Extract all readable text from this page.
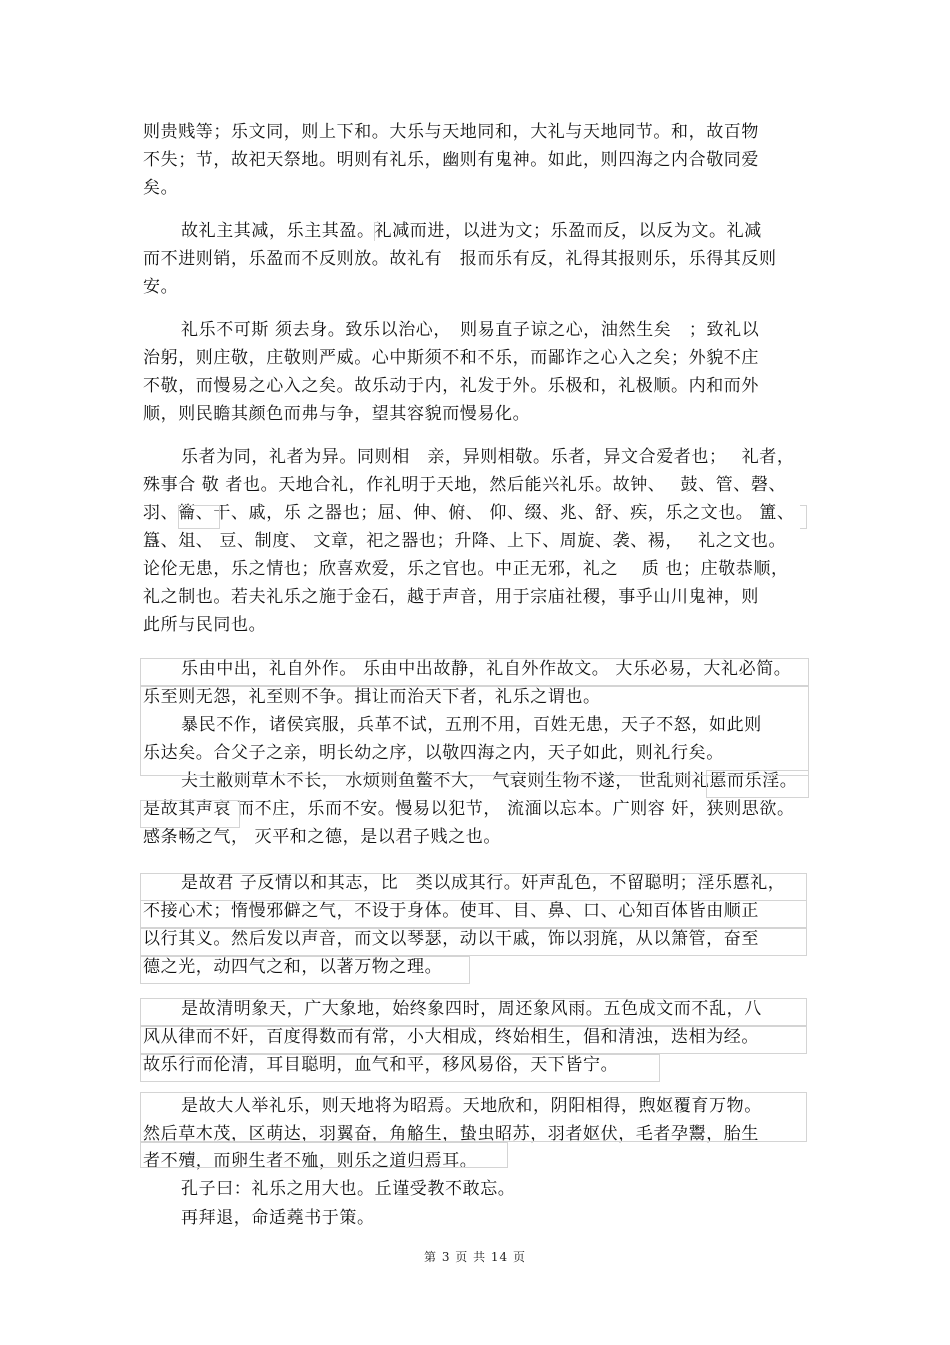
则贵贱等；乐文同，则上下和。大乐与天地同和，大礼与天地同节。和，故百物
不失；节，故祀天祭地。明则有礼乐，幽则有鬼神。如此，则四海之内合敬同爱
矣。
故礼主其减，乐主其盈。礼减而进，以进为文；乐盈而反，以反为文。礼减
而不进则销，乐盈而不反则放。故礼有　报而乐有反，礼得其报则乐，乐得其反则
安。
礼乐不可斯 须去身。致乐以治心，　则易直子谅之心，油然生矣　；致礼以
治躬，则庄敬，庄敬则严威。心中斯须不和不乐，而鄙诈之心入之矣；外貌不庄
不敬，而慢易之心入之矣。故乐动于内，礼发于外。乐极和，礼极顺。内和而外
顺，则民瞻其颜色而弗与争，望其容貌而慢易化。
乐者为同，礼者为异。同则相　亲，异则相敬。乐者，异文合爱者也；　 礼者，
殊事合 敬 者也。天地合礼，作礼明于天地，然后能兴礼乐。故钟、　 鼓、管、磬、
羽、籥、干、戚，乐 之器也；屈、伸、俯、 仰、缀、兆、舒、疾，乐之文也。 簠、
簋、俎、 豆、制度、 文章，祀之器也；升降、上下、周旋、袭、裼，　 礼之文也。
论伦无患，乐之情也；欣喜欢爱，乐之官也。中正无邪，礼之　 质 也；庄敬恭顺，
礼之制也。若夫礼乐之施于金石，越于声音，用于宗庙社稷，事乎山川鬼神，则
此所与民同也。
乐由中出，礼自外作。 乐由中出故静，礼自外作故文。 大乐必易，大礼必简。
乐至则无怨，礼至则不争。揖让而治天下者，礼乐之谓也。
暴民不作，诸侯宾服，兵革不试，五刑不用，百姓无患，天子不怒，如此则
乐达矣。合父子之亲，明长幼之序，以敬四海之内，天子如此，则礼行矣。
夫土敝则草木不长， 水烦则鱼鳖不大， 气衰则生物不遂， 世乱则礼慝而乐淫。
是故其声哀 而不庄，乐而不安。慢易以犯节， 流湎以忘本。广则容 奸，狭则思欲。
感条畅之气， 灭平和之德，是以君子贱之也。
是故君 子反情以和其志，比　类以成其行。奸声乱色，不留聪明；淫乐慝礼，
不接心术；惰慢邪僻之气，不设于身体。使耳、目、鼻、口、心知百体皆由顺正
以行其义。然后发以声音，而文以琴瑟，动以干戚，饰以羽旄，从以箫管，奋至
德之光，动四气之和，以著万物之理。
是故清明象天，广大象地，始终象四时，周还象风雨。五色成文而不乱，八
风从律而不奸，百度得数而有常，小大相成，终始相生，倡和清浊，迭相为经。
故乐行而伦清，耳目聪明，血气和平，移风易俗，天下皆宁。
是故大人举礼乐，则天地将为昭焉。天地欣和，阴阳相得，煦妪覆育万物。
然后草木茂，区萌达，羽翼奋，角觡生，蛰虫昭苏，羽者妪伏，毛者孕鬻，胎生
者不殰，而卵生者不殈，则乐之道归焉耳。
孔子曰：礼乐之用大也。丘谨受教不敢忘。
再拜退，命适蕘书于策。
第 3 页 共 14 页
